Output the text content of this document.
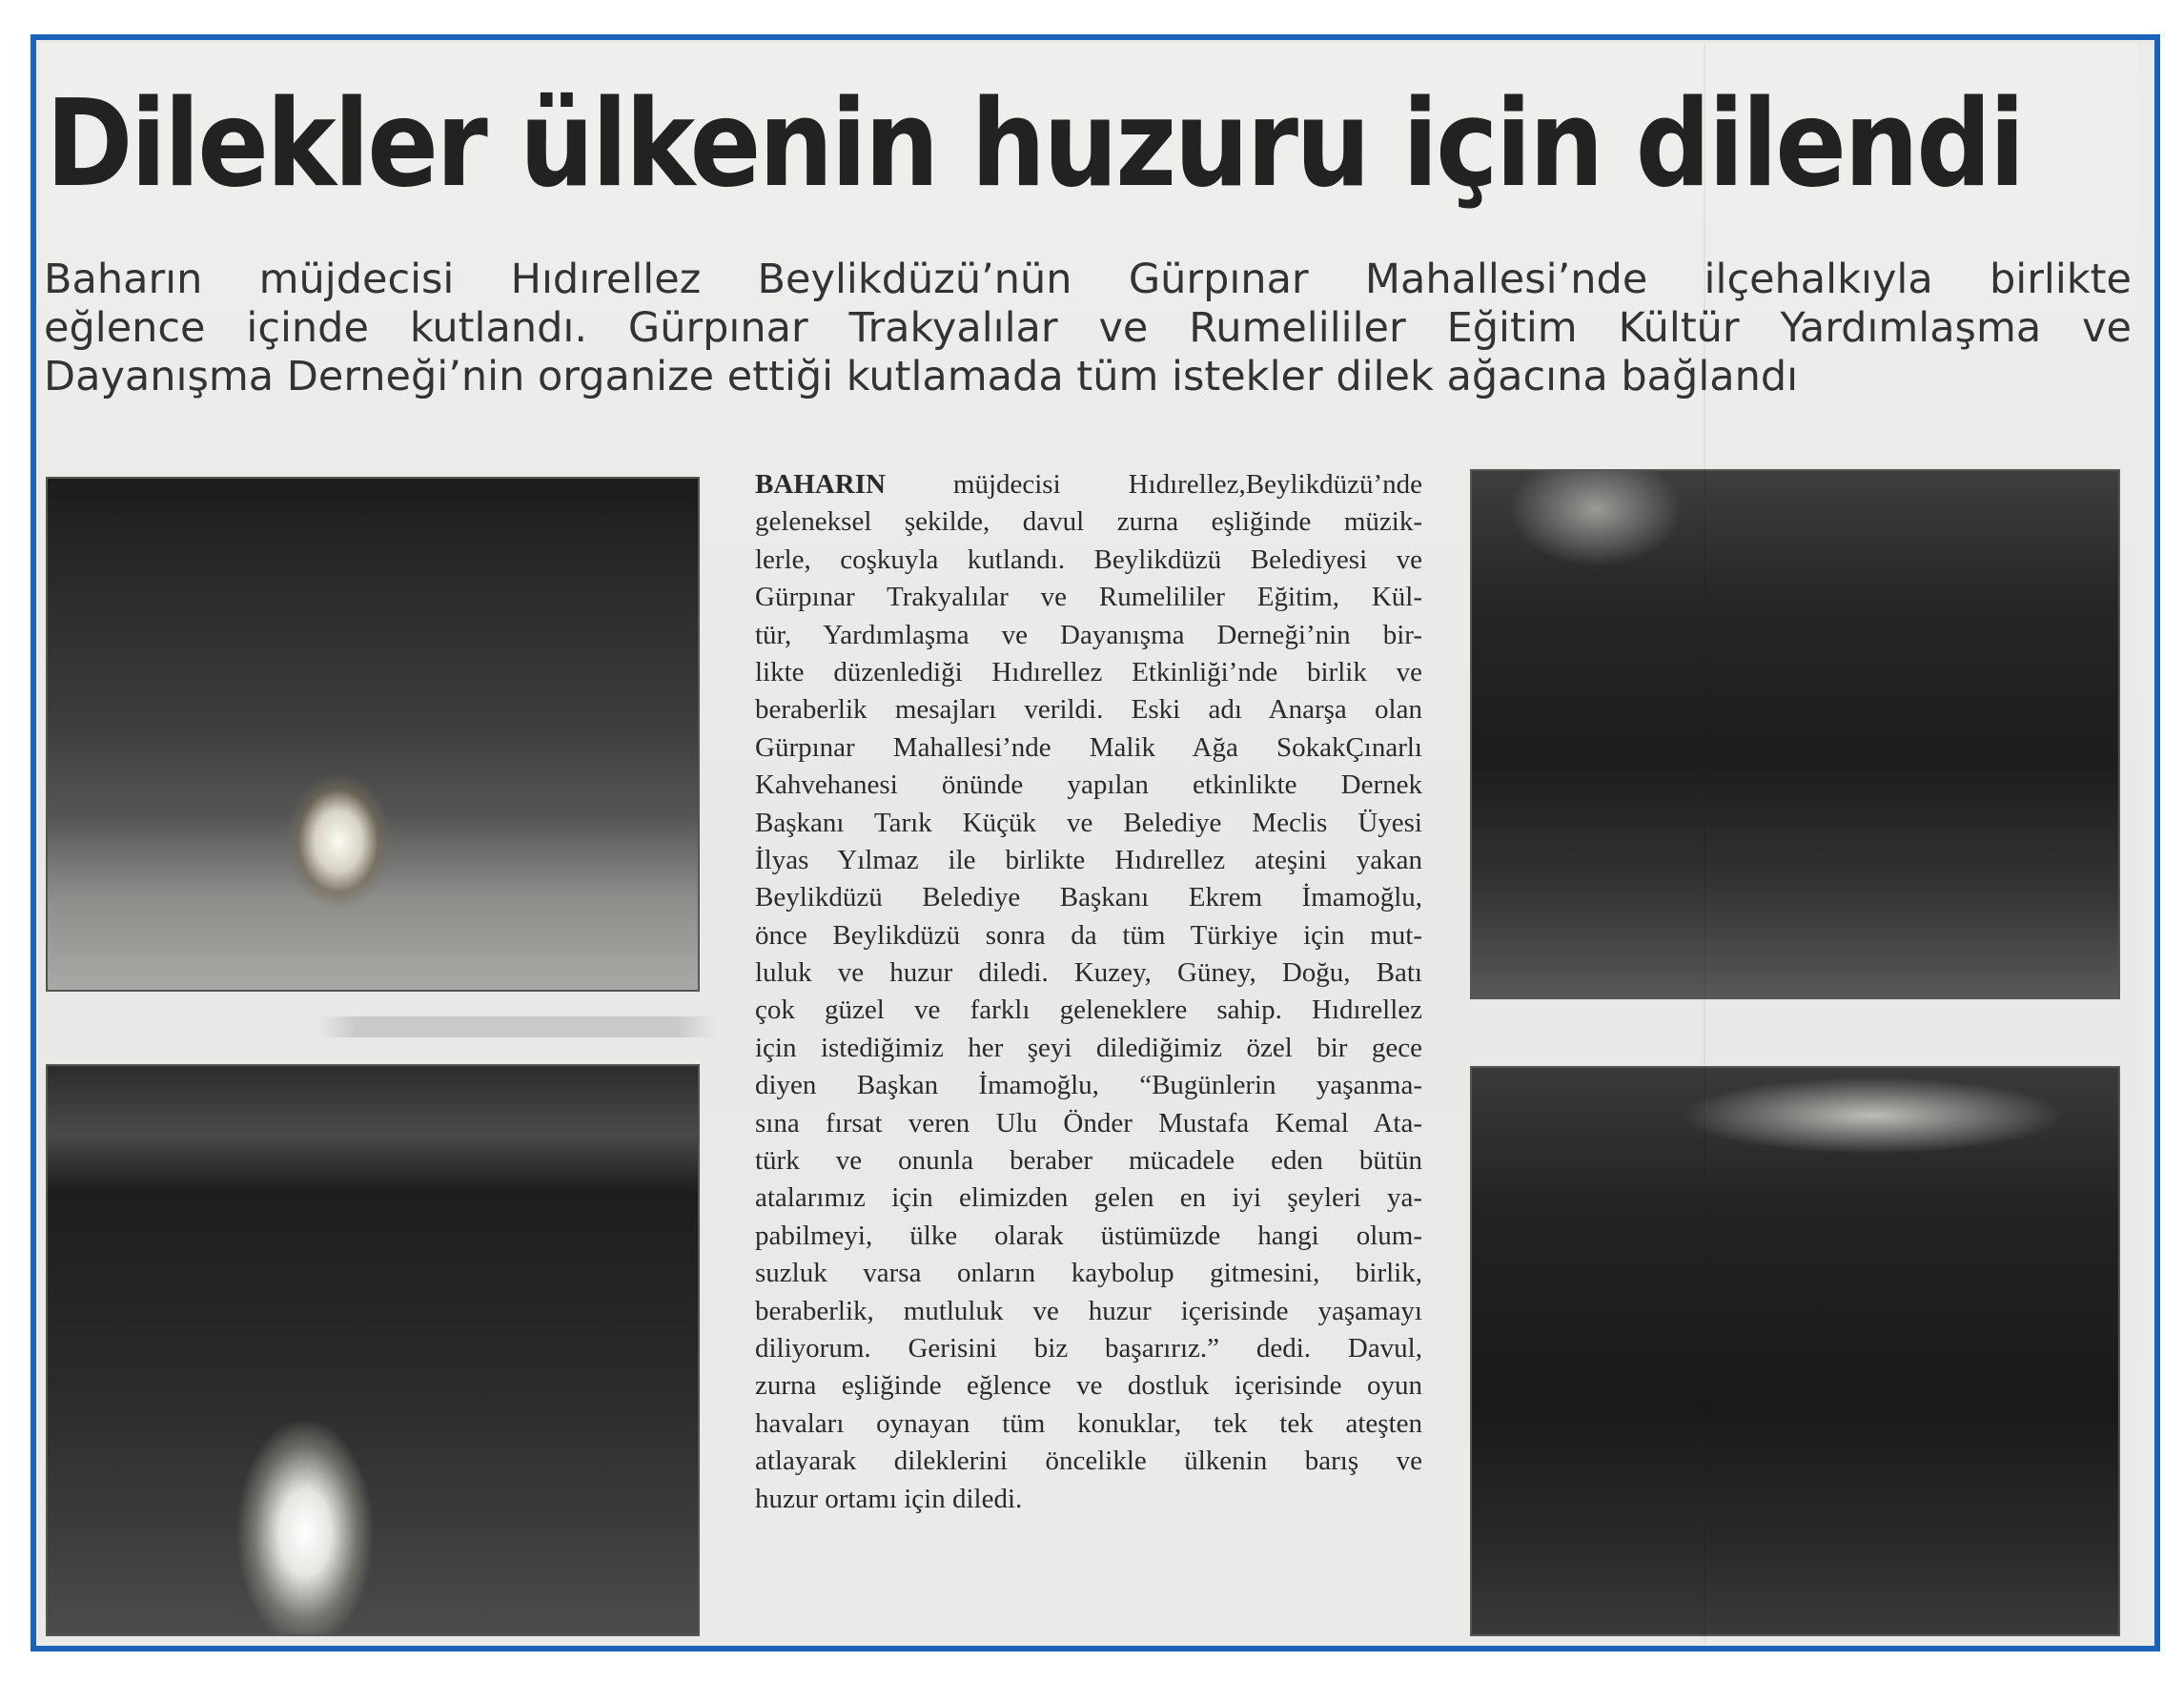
Dilekler ülkenin huzuru için dilendi
Baharın müjdecisi Hıdırellez Beylikdüzü’nün Gürpınar Mahallesi’nde ilçehalkıyla birlikte
eğlence içinde kutlandı. Gürpınar Trakyalılar ve Rumelililer Eğitim Kültür Yardımlaşma ve
Dayanışma Derneği’nin organize ettiği kutlamada tüm istekler dilek ağacına bağlandı
BAHARIN müjdecisi Hıdırellez,Beylikdüzü’nde
geleneksel şekilde, davul zurna eşliğinde müzik-
lerle, coşkuyla kutlandı. Beylikdüzü Belediyesi ve
Gürpınar Trakyalılar ve Rumelililer Eğitim, Kül-
tür, Yardımlaşma ve Dayanışma Derneği’nin bir-
likte düzenlediği Hıdırellez Etkinliği’nde birlik ve
beraberlik mesajları verildi. Eski adı Anarşa olan
Gürpınar Mahallesi’nde Malik Ağa SokakÇınarlı
Kahvehanesi önünde yapılan etkinlikte Dernek
Başkanı Tarık Küçük ve Belediye Meclis Üyesi
İlyas Yılmaz ile birlikte Hıdırellez ateşini yakan
Beylikdüzü Belediye Başkanı Ekrem İmamoğlu,
önce Beylikdüzü sonra da tüm Türkiye için mut-
luluk ve huzur diledi. Kuzey, Güney, Doğu, Batı
çok güzel ve farklı geleneklere sahip. Hıdırellez
için istediğimiz her şeyi dilediğimiz özel bir gece
diyen Başkan İmamoğlu, “Bugünlerin yaşanma-
sına fırsat veren Ulu Önder Mustafa Kemal Ata-
türk ve onunla beraber mücadele eden bütün
atalarımız için elimizden gelen en iyi şeyleri ya-
pabilmeyi, ülke olarak üstümüzde hangi olum-
suzluk varsa onların kaybolup gitmesini, birlik,
beraberlik, mutluluk ve huzur içerisinde yaşamayı
diliyorum. Gerisini biz başarırız.” dedi. Davul,
zurna eşliğinde eğlence ve dostluk içerisinde oyun
havaları oynayan tüm konuklar, tek tek ateşten
atlayarak dileklerini öncelikle ülkenin barış ve
huzur ortamı için diledi.
